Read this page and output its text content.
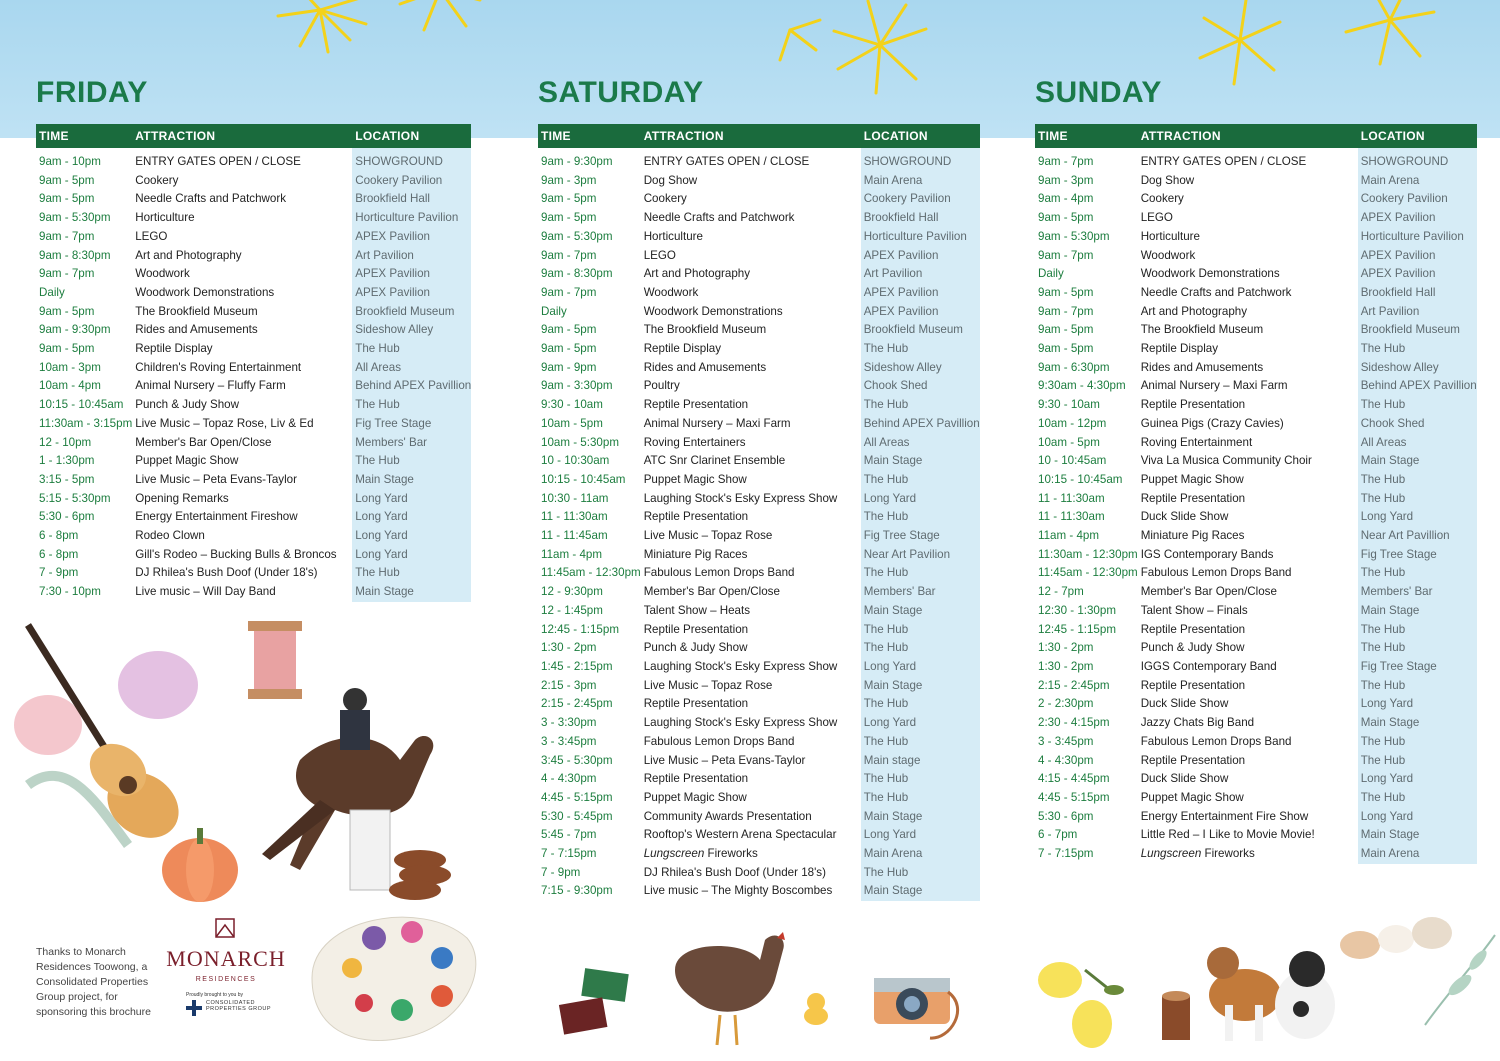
FRIDAY	SATURDAY	SUNDAY
TIME	ATTRACTION	LOCATION

9am - 10pm	ENTRY GATES OPEN / CLOSE	SHOWGROUND
9am - 5pm	Cookery	Cookery Pavilion
9am - 5pm	Needle Crafts and Patchwork	Brookfield Hall
9am - 5:30pm	Horticulture	Horticulture Pavilion
9am - 7pm	LEGO	APEX Pavilion
9am - 8:30pm	Art and Photography	Art Pavilion
9am - 7pm	Woodwork	APEX Pavilion
Daily	Woodwork Demonstrations	APEX Pavilion
9am - 5pm	The Brookfield Museum	Brookfield Museum
9am - 9:30pm	Rides and Amusements	Sideshow Alley
9am - 5pm	Reptile Display	The Hub
10am - 3pm	Children's Roving Entertainment	All Areas
10am - 4pm	Animal Nursery – Fluffy Farm	Behind APEX Pavillion
10:15 - 10:45am	Punch & Judy Show	The Hub
11:30am - 3:15pm	Live Music – Topaz Rose, Liv & Ed	Fig Tree Stage
12 - 10pm	Member's Bar Open/Close	Members' Bar
1 - 1:30pm	Puppet Magic Show	The Hub
3:15 - 5pm	Live Music – Peta Evans-Taylor	Main Stage
5:15 - 5:30pm	Opening Remarks	Long Yard
5:30 - 6pm	Energy Entertainment Fireshow	Long Yard
6 - 8pm	Rodeo Clown	Long Yard
6 - 8pm	Gill's Rodeo – Bucking Bulls & Broncos	Long Yard
7 - 9pm	DJ Rhilea's Bush Doof (Under 18's)	The Hub
7:30 - 10pm	Live music – Will Day Band	Main Stage
TIME	ATTRACTION	LOCATION

9am - 9:30pm	ENTRY GATES OPEN / CLOSE	SHOWGROUND
9am - 3pm	Dog Show	Main Arena
9am - 5pm	Cookery	Cookery Pavilion
9am - 5pm	Needle Crafts and Patchwork	Brookfield Hall
9am - 5:30pm	Horticulture	Horticulture Pavilion
9am - 7pm	LEGO	APEX Pavilion
9am - 8:30pm	Art and Photography	Art Pavilion
9am - 7pm	Woodwork	APEX Pavilion
Daily	Woodwork Demonstrations	APEX Pavilion
9am - 5pm	The Brookfield Museum	Brookfield Museum
9am - 5pm	Reptile Display	The Hub
9am - 9pm	Rides and Amusements	Sideshow Alley
9am - 3:30pm	Poultry	Chook Shed
9:30 - 10am	Reptile Presentation	The Hub
10am - 5pm	Animal Nursery – Maxi Farm	Behind APEX Pavillion
10am - 5:30pm	Roving Entertainers	All Areas
10 - 10:30am	ATC Snr Clarinet Ensemble	Main Stage
10:15 - 10:45am	Puppet Magic Show	The Hub
10:30 - 11am	Laughing Stock's Esky Express Show	Long Yard
11 - 11:30am	Reptile Presentation	The Hub
11 - 11:45am	Live Music – Topaz Rose	Fig Tree Stage
11am - 4pm	Miniature Pig Races	Near Art Pavilion
11:45am - 12:30pm	Fabulous Lemon Drops Band	The Hub
12 - 9:30pm	Member's Bar Open/Close	Members' Bar
12 - 1:45pm	Talent Show – Heats	Main Stage
12:45 - 1:15pm	Reptile Presentation	The Hub
1:30 - 2pm	Punch & Judy Show	The Hub
1:45 - 2:15pm	Laughing Stock's Esky Express Show	Long Yard
2:15 - 3pm	Live Music – Topaz Rose	Main Stage
2:15 - 2:45pm	Reptile Presentation	The Hub
3 - 3:30pm	Laughing Stock's Esky Express Show	Long Yard
3 - 3:45pm	Fabulous Lemon Drops Band	The Hub
3:45 - 5:30pm	Live Music – Peta Evans-Taylor	Main stage
4 - 4:30pm	Reptile Presentation	The Hub
4:45 - 5:15pm	Puppet Magic Show	The Hub
5:30 - 5:45pm	Community Awards Presentation	Main Stage
5:45 - 7pm	Rooftop's Western Arena Spectacular	Long Yard
7 - 7:15pm	Lungscreen Fireworks	Main Arena
7 - 9pm	DJ Rhilea's Bush Doof (Under 18's)	The Hub
7:15 - 9:30pm	Live music – The Mighty Boscombes	Main Stage
TIME	ATTRACTION	LOCATION

9am - 7pm	ENTRY GATES OPEN / CLOSE	SHOWGROUND
9am - 3pm	Dog Show	Main Arena
9am - 4pm	Cookery	Cookery Pavilion
9am - 5pm	LEGO	APEX Pavilion
9am - 5:30pm	Horticulture	Horticulture Pavilion
9am - 7pm	Woodwork	APEX Pavilion
Daily	Woodwork Demonstrations	APEX Pavilion
9am - 5pm	Needle Crafts and Patchwork	Brookfield Hall
9am - 7pm	Art and Photography	Art Pavilion
9am - 5pm	The Brookfield Museum	Brookfield Museum
9am - 5pm	Reptile Display	The Hub
9am - 6:30pm	Rides and Amusements	Sideshow Alley
9:30am - 4:30pm	Animal Nursery – Maxi Farm	Behind APEX Pavillion
9:30 - 10am	Reptile Presentation	The Hub
10am - 12pm	Guinea Pigs (Crazy Cavies)	Chook Shed
10am - 5pm	Roving Entertainment	All Areas
10 - 10:45am	Viva La Musica Community Choir	Main Stage
10:15 - 10:45am	Puppet Magic Show	The Hub
11 - 11:30am	Reptile Presentation	The Hub
11 - 11:30am	Duck Slide Show	Long Yard
11am - 4pm	Miniature Pig Races	Near Art Pavillion
11:30am - 12:30pm	IGS Contemporary Bands	Fig Tree Stage
11:45am - 12:30pm	Fabulous Lemon Drops Band	The Hub
12 - 7pm	Member's Bar Open/Close	Members' Bar
12:30 - 1:30pm	Talent Show – Finals	Main Stage
12:45 - 1:15pm	Reptile Presentation	The Hub
1:30 - 2pm	Punch & Judy Show	The Hub
1:30 - 2pm	IGGS Contemporary Band	Fig Tree Stage
2:15 - 2:45pm	Reptile Presentation	The Hub
2 - 2:30pm	Duck Slide Show	Long Yard
2:30 - 4:15pm	Jazzy Chats Big Band	Main Stage
3 - 3:45pm	Fabulous Lemon Drops Band	The Hub
4 - 4:30pm	Reptile Presentation	The Hub
4:15 - 4:45pm	Duck Slide Show	Long Yard
4:45 - 5:15pm	Puppet Magic Show	The Hub
5:30 - 6pm	Energy Entertainment Fire Show	Long Yard
6 - 7pm	Little Red – I Like to Movie Movie!	Main Stage
7 - 7:15pm	Lungscreen Fireworks	Main Arena
Thanks to Monarch Residences Toowong, a Consolidated Properties Group project, for sponsoring this brochure
MONARCH
RESIDENCES
Proudly brought to you by
CONSOLIDATED PROPERTIES GROUP
